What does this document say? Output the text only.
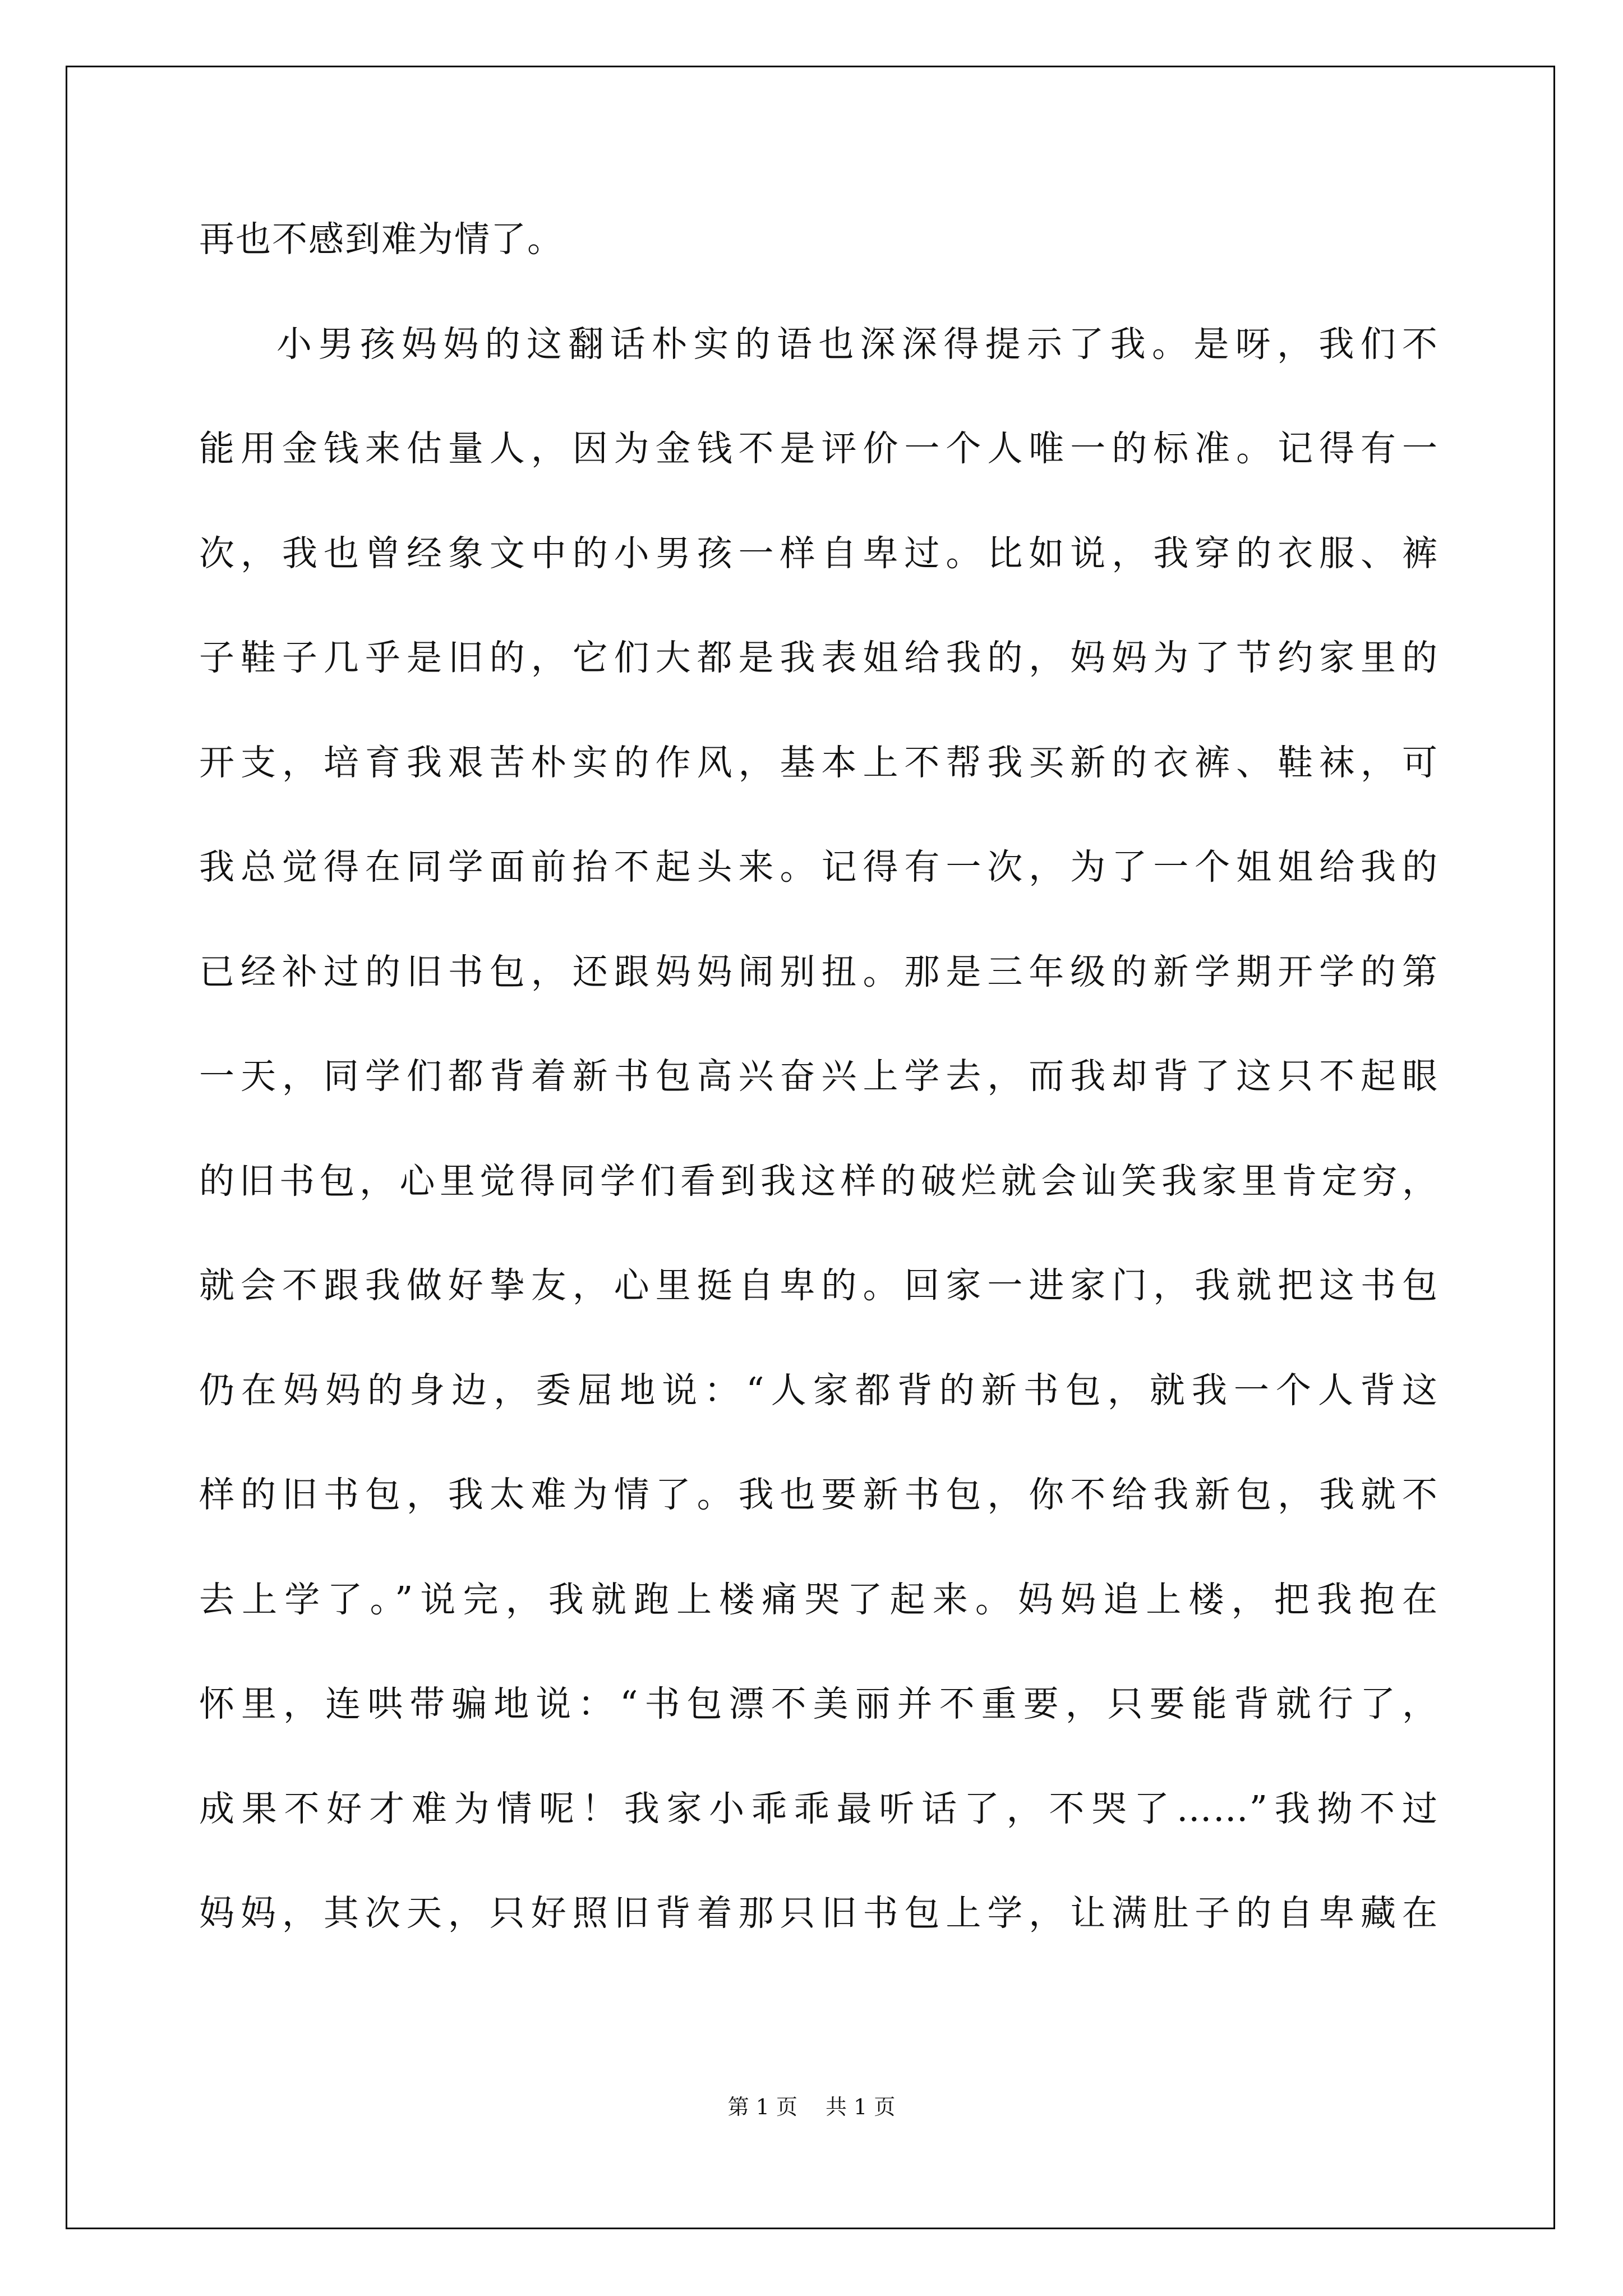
再也不感到难为情了。
小男孩妈妈的这翻话朴实的语也深深得提示了我。是呀，我们不
能用金钱来估量人，因为金钱不是评价一个人唯一的标准。记得有一
次，我也曾经象文中的小男孩一样自卑过。比如说，我穿的衣服、裤
子鞋子几乎是旧的，它们大都是我表姐给我的，妈妈为了节约家里的
开支，培育我艰苦朴实的作风，基本上不帮我买新的衣裤、鞋袜，可
我总觉得在同学面前抬不起头来。记得有一次，为了一个姐姐给我的
已经补过的旧书包，还跟妈妈闹别扭。那是三年级的新学期开学的第
一天，同学们都背着新书包高兴奋兴上学去，而我却背了这只不起眼
的旧书包，心里觉得同学们看到我这样的破烂就会讪笑我家里肯定穷，
就会不跟我做好挚友，心里挺自卑的。回家一进家门，我就把这书包
仍在妈妈的身边，委屈地说：“人家都背的新书包，就我一个人背这
样的旧书包，我太难为情了。我也要新书包，你不给我新包，我就不
去上学了。”说完，我就跑上楼痛哭了起来。妈妈追上楼，把我抱在
怀里，连哄带骗地说：“书包漂不美丽并不重要，只要能背就行了，
成果不好才难为情呢！我家小乖乖最听话了，不哭了……”我拗不过
妈妈，其次天，只好照旧背着那只旧书包上学，让满肚子的自卑藏在
第 1 页 共 1 页
